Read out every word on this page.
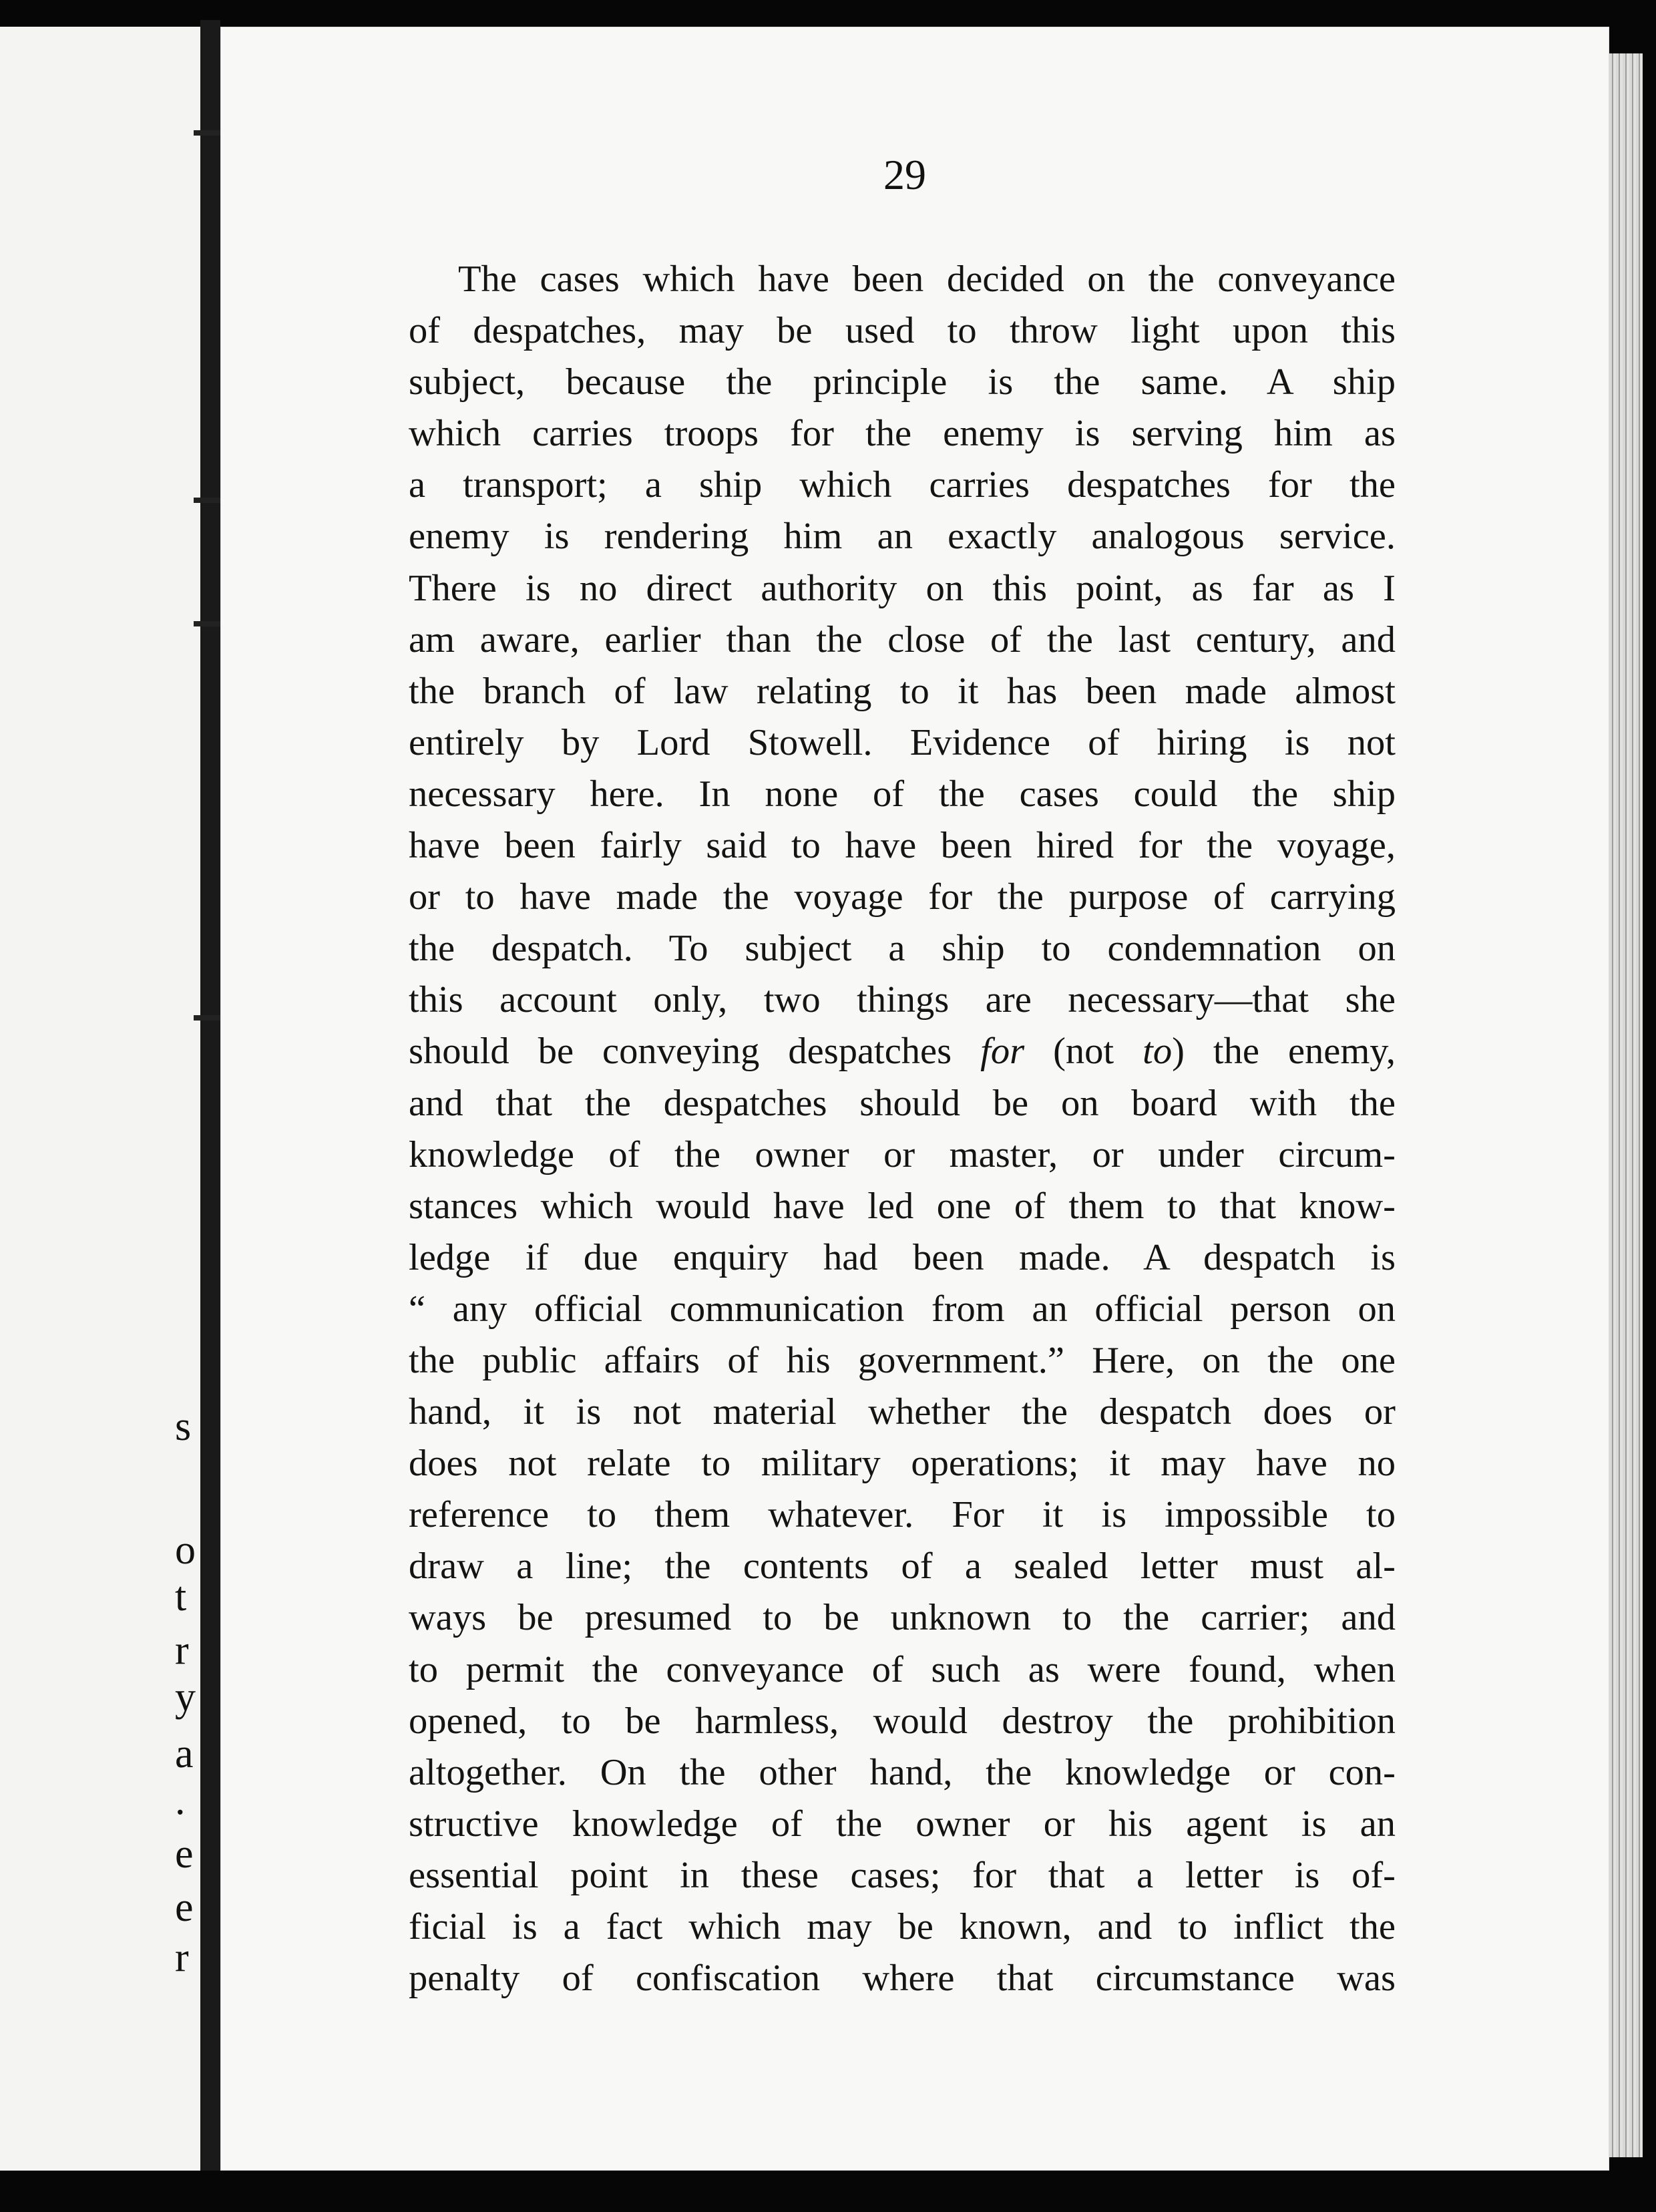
s
o
t
r
y
a
.
e
e
r
29
The cases which have been decided on the conveyance
of despatches, may be used to throw light upon this
subject, because the principle is the same. A ship
which carries troops for the enemy is serving him as
a transport; a ship which carries despatches for the
enemy is rendering him an exactly analogous service.
There is no direct authority on this point, as far as I
am aware, earlier than the close of the last century, and
the branch of law relating to it has been made almost
entirely by Lord Stowell. Evidence of hiring is not
necessary here. In none of the cases could the ship
have been fairly said to have been hired for the voyage,
or to have made the voyage for the purpose of carrying
the despatch. To subject a ship to condemnation on
this account only, two things are necessary—that she
should be conveying despatches for (not to) the enemy,
and that the despatches should be on board with the
knowledge of the owner or master, or under circum-
stances which would have led one of them to that know-
ledge if due enquiry had been made. A despatch is
“ any official communication from an official person on
the public affairs of his government.” Here, on the one
hand, it is not material whether the despatch does or
does not relate to military operations; it may have no
reference to them whatever. For it is impossible to
draw a line; the contents of a sealed letter must al-
ways be presumed to be unknown to the carrier; and
to permit the conveyance of such as were found, when
opened, to be harmless, would destroy the prohibition
altogether. On the other hand, the knowledge or con-
structive knowledge of the owner or his agent is an
essential point in these cases; for that a letter is of-
ficial is a fact which may be known, and to inflict the
penalty of confiscation where that circumstance was
